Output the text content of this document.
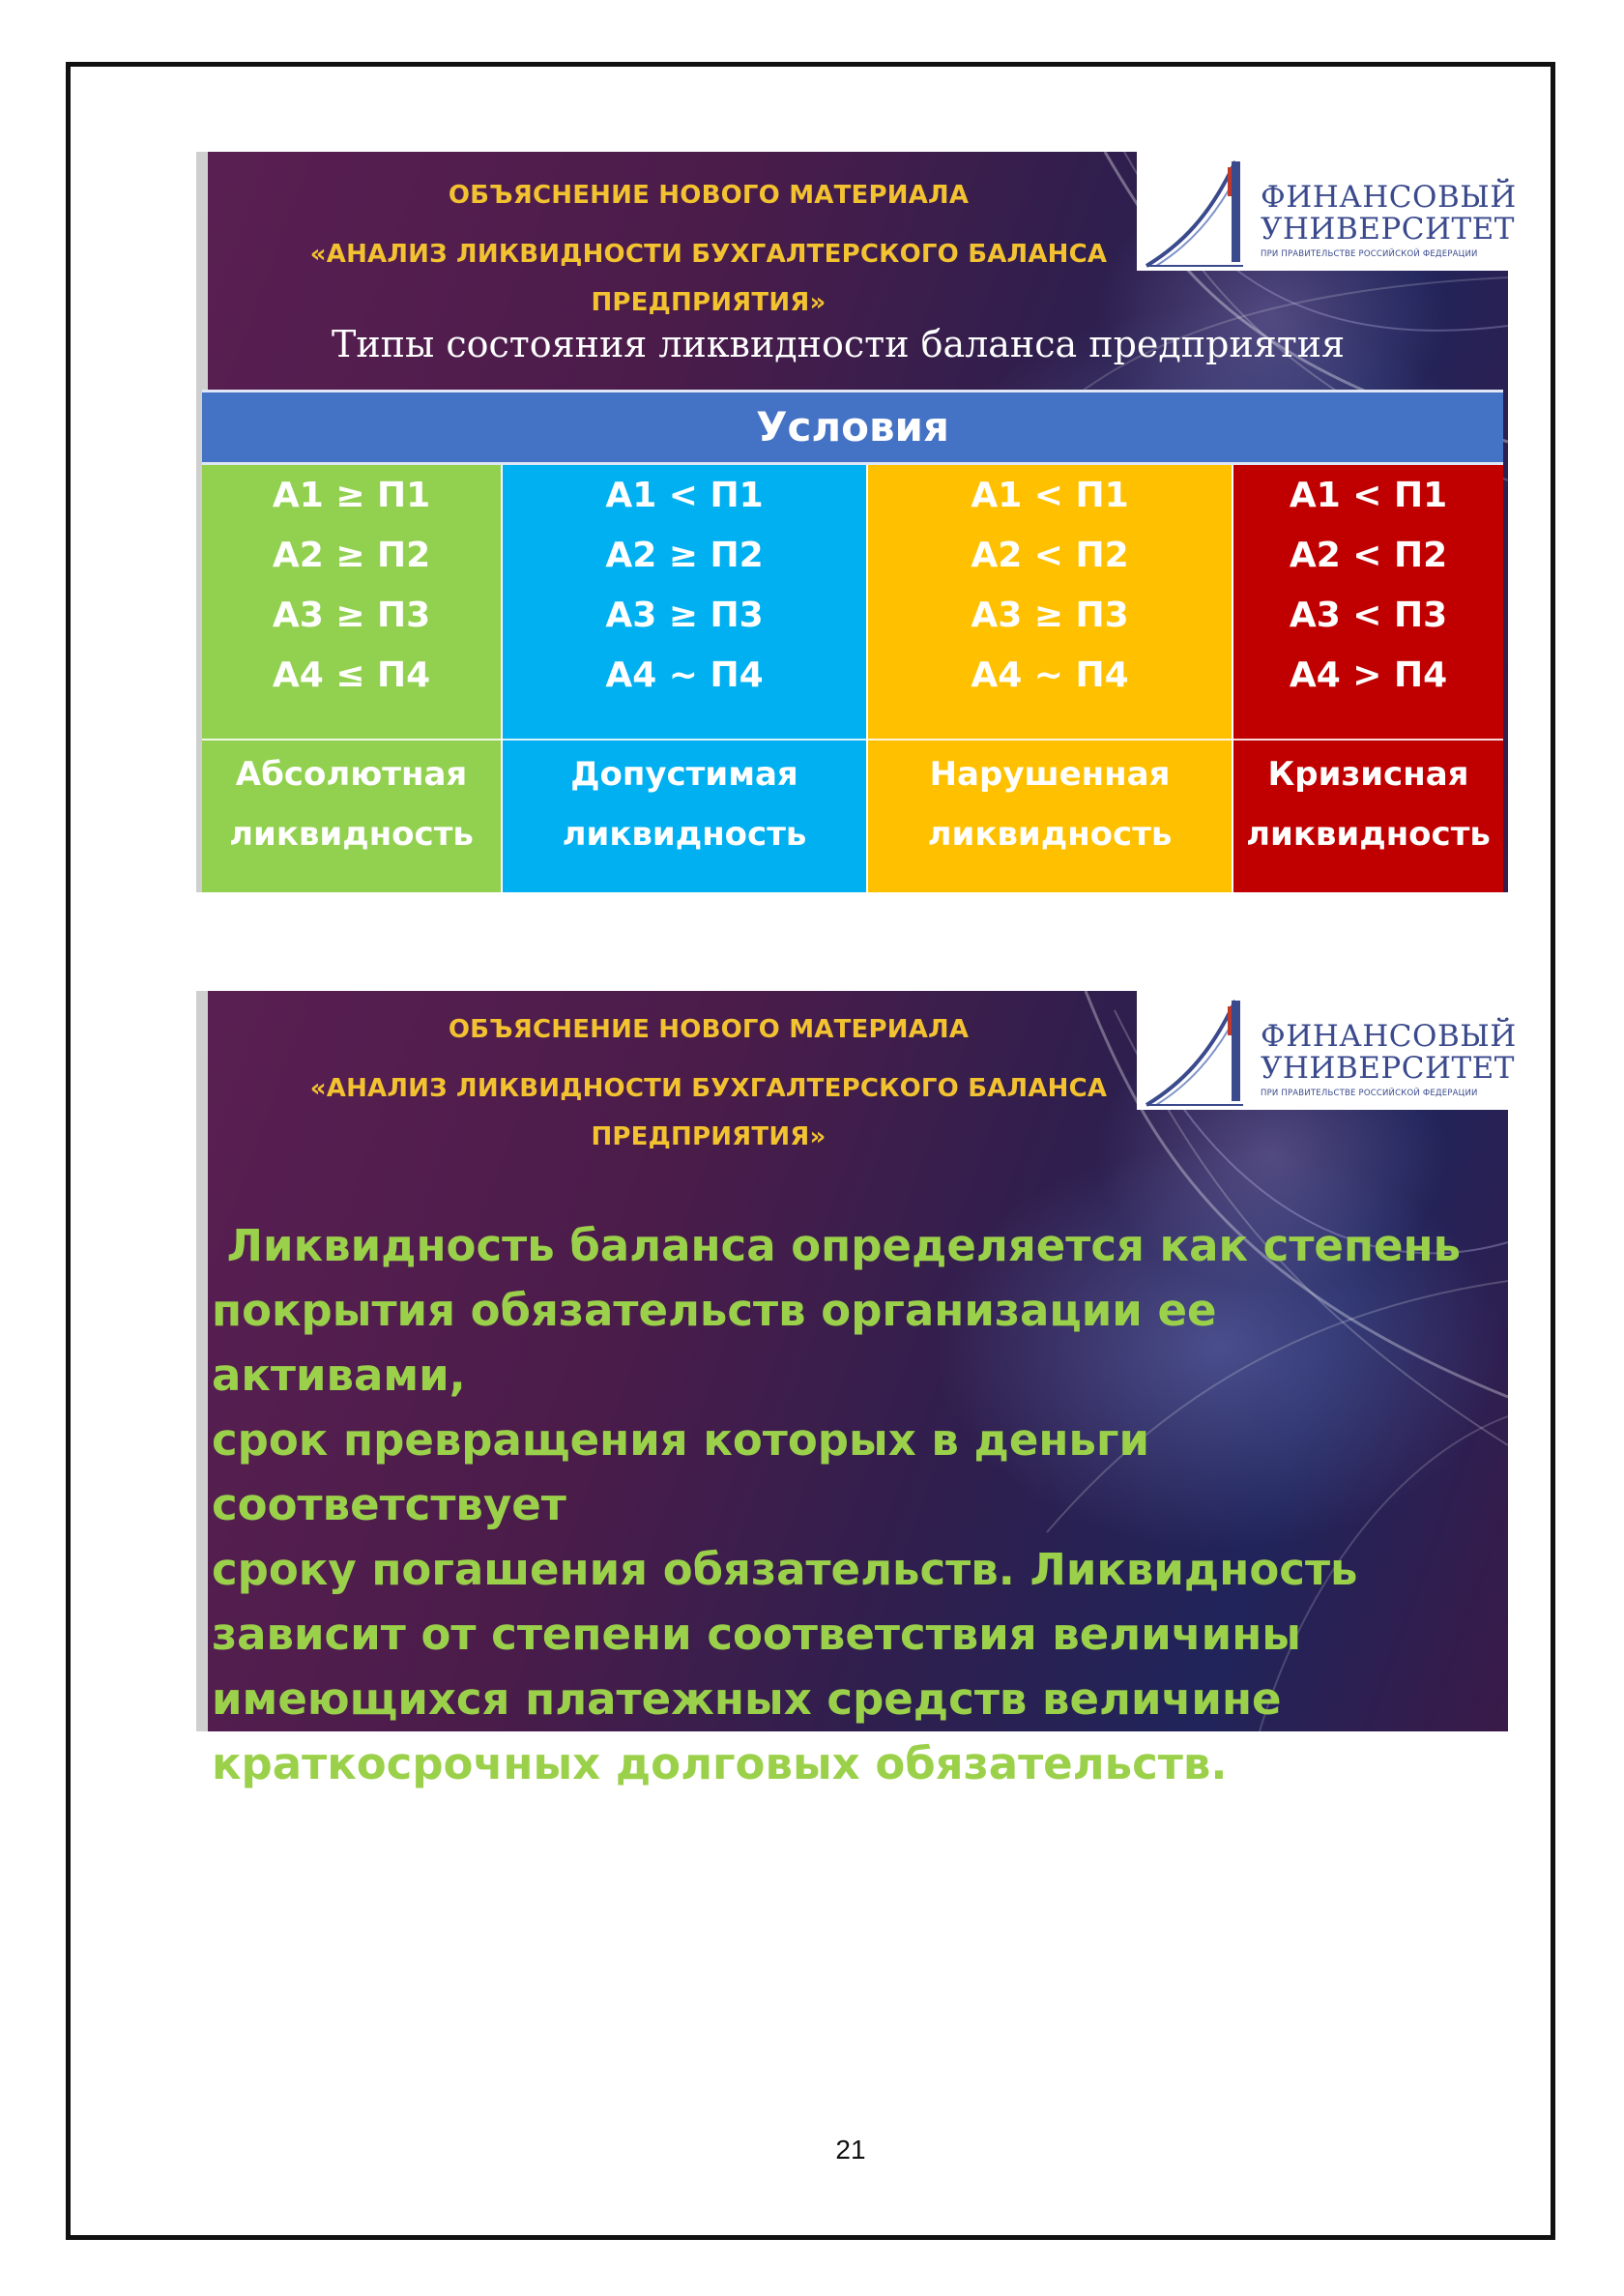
ОБЪЯСНЕНИЕ НОВОГО МАТЕРИАЛА
«АНАЛИЗ ЛИКВИДНОСТИ БУХГАЛТЕРСКОГО БАЛАНСА
ПРЕДПРИЯТИЯ»
ФИНАНСОВЫЙ
УНИВЕРСИТЕТ
ПРИ ПРАВИТЕЛЬСТВЕ РОССИЙСКОЙ ФЕДЕРАЦИИ
Типы состояния ликвидности баланса предприятия
Условия
А1 ≥ П1
А2 ≥ П2
А3 ≥ П3
А4 ≤ П4
Абсолютная
ликвидность
А1 < П1
А2 ≥ П2
А3 ≥ П3
А4 ~ П4
Допустимая
ликвидность
А1 < П1
А2 < П2
А3 ≥ П3
А4 ~ П4
Нарушенная
ликвидность
А1 < П1
А2 < П2
А3 < П3
А4 > П4
Кризисная
ликвидность
ОБЪЯСНЕНИЕ НОВОГО МАТЕРИАЛА
«АНАЛИЗ ЛИКВИДНОСТИ БУХГАЛТЕРСКОГО БАЛАНСА
ПРЕДПРИЯТИЯ»
ФИНАНСОВЫЙ
УНИВЕРСИТЕТ
ПРИ ПРАВИТЕЛЬСТВЕ РОССИЙСКОЙ ФЕДЕРАЦИИ
Ликвидность баланса определяется как степень
покрытия обязательств организации ее активами,
срок превращения которых в деньги соответствует
сроку погашения обязательств. Ликвидность
зависит от степени соответствия величины
имеющихся платежных средств величине
краткосрочных долговых обязательств.
21
